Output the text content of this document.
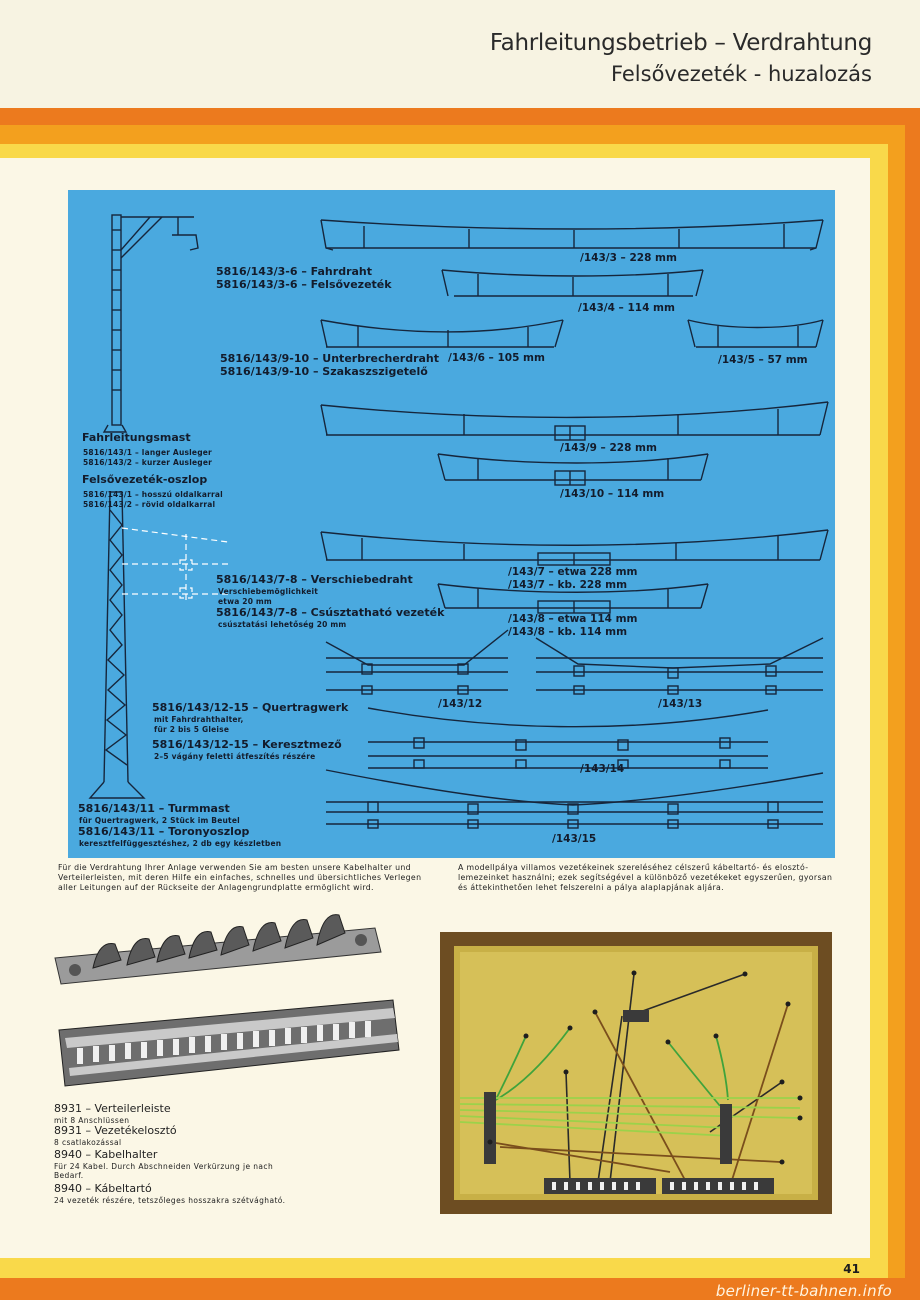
Fahrleitungsbetrieb – Verdrahtung
Felsővezeték - huzalozás
5816/143/3-6 – Fahrdraht
5816/143/3-6 – Felsővezeték
5816/143/9-10 – Unterbrecherdraht
5816/143/9-10 – Szakaszszigetelő
Fahrleitungsmast
5816/143/1 – langer Ausleger
5816/143/2 – kurzer Ausleger
Felsővezeték-oszlop
5816/143/1 – hosszú oldalkarral
5816/143/2 – rövid oldalkarral
5816/143/7-8 – Verschiebedraht
Verschiebemöglichkeit
etwa 20 mm
5816/143/7-8 – Csúsztatható vezeték
csúsztatási lehetőség 20 mm
5816/143/12-15 – Quertragwerk
mit Fahrdrahthalter,
für 2 bis 5 Gleise
5816/143/12-15 – Keresztmező
2–5 vágány feletti átfeszítés részére
5816/143/11 – Turmmast
für Quertragwerk, 2 Stück im Beutel
5816/143/11 – Toronyoszlop
keresztfelfüggesztéshez, 2 db egy készletben
/143/3 – 228 mm
/143/4 – 114 mm
/143/6 – 105 mm	/143/5 – 57 mm
/143/9 – 228 mm
/143/10 – 114 mm
/143/7 – etwa 228 mm
/143/7 – kb. 228 mm
/143/8 – etwa 114 mm
/143/8 – kb. 114 mm
/143/12	/143/13
/143/14
/143/15
Für die Verdrahtung Ihrer Anlage verwenden Sie am besten unsere Kabelhalter und Verteilerleisten, mit deren Hilfe ein einfaches, schnelles und übersichtliches Verlegen aller Leitungen auf der Rückseite der Anlagengrundplatte ermöglicht wird.
A modellpálya villamos vezetékeinek szereléséhez célszerű kábeltartó- és elosztó-lemezeinket használni; ezek segítségével a különböző vezetékeket egyszerűen, gyorsan és áttekinthetően lehet felszerelni a pálya alaplapjának aljára.
8931 – Verteilerleiste
mit 8 Anschlüssen
8931 – Vezetékelosztó
8 csatlakozással
8940 – Kabelhalter
Für 24 Kabel. Durch Abschneiden Verkürzung je nach Bedarf.
8940 – Kábeltartó
24 vezeték részére, tetszőleges hosszakra szétvágható.
41
berliner-tt-bahnen.info
